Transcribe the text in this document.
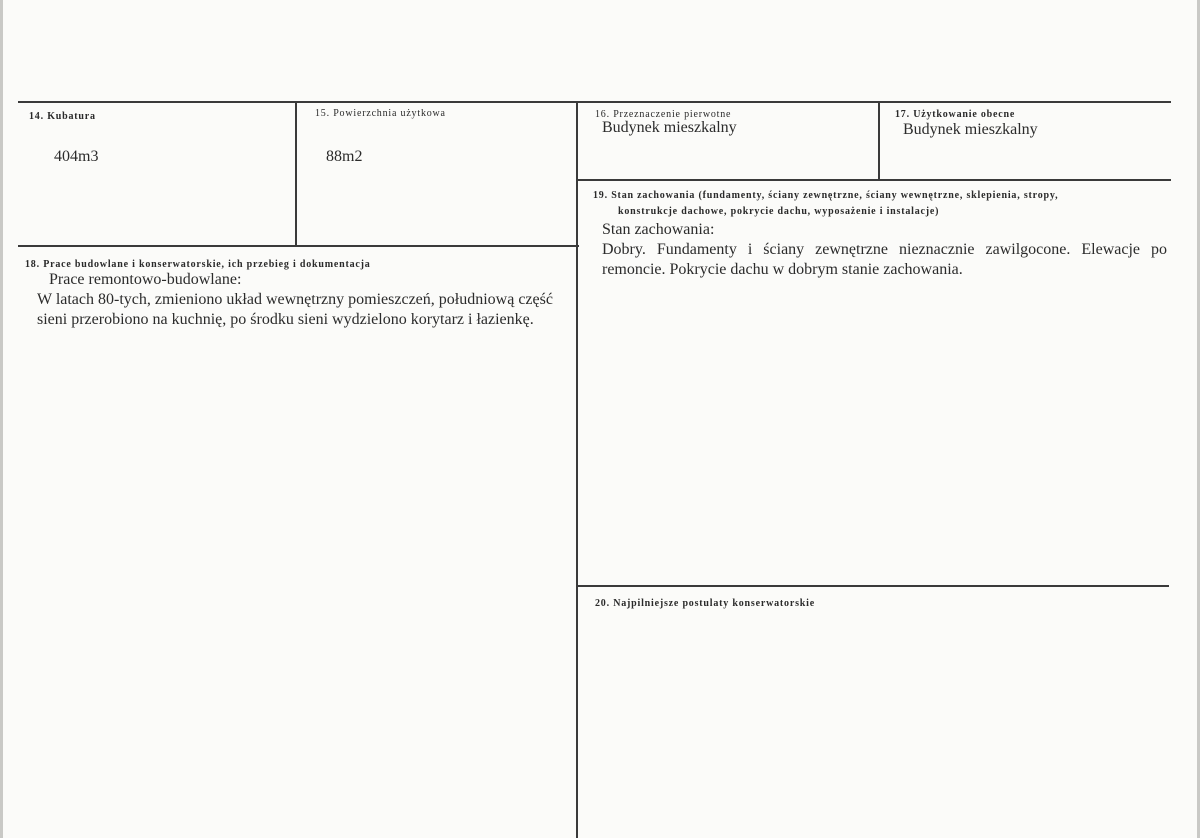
14. Kubatura
404m3
15. Powierzchnia użytkowa
88m2
16. Przeznaczenie pierwotne
Budynek mieszkalny
17. Użytkowanie obecne
Budynek mieszkalny
18. Prace budowlane i konserwatorskie, ich przebieg i dokumentacja
Prace remontowo-budowlane:
W latach 80-tych, zmieniono układ wewnętrzny pomieszczeń, południową część
sieni przerobiono na kuchnię, po środku sieni wydzielono korytarz i łazienkę.
19. Stan zachowania (fundamenty, ściany zewnętrzne, ściany wewnętrzne, sklepienia, stropy,
konstrukcje dachowe, pokrycie dachu, wyposażenie i instalacje)
Stan zachowania:
Dobry. Fundamenty i ściany zewnętrzne nieznacznie zawilgocone. Elewacje po
remoncie. Pokrycie dachu w dobrym stanie zachowania.
20. Najpilniejsze postulaty konserwatorskie
